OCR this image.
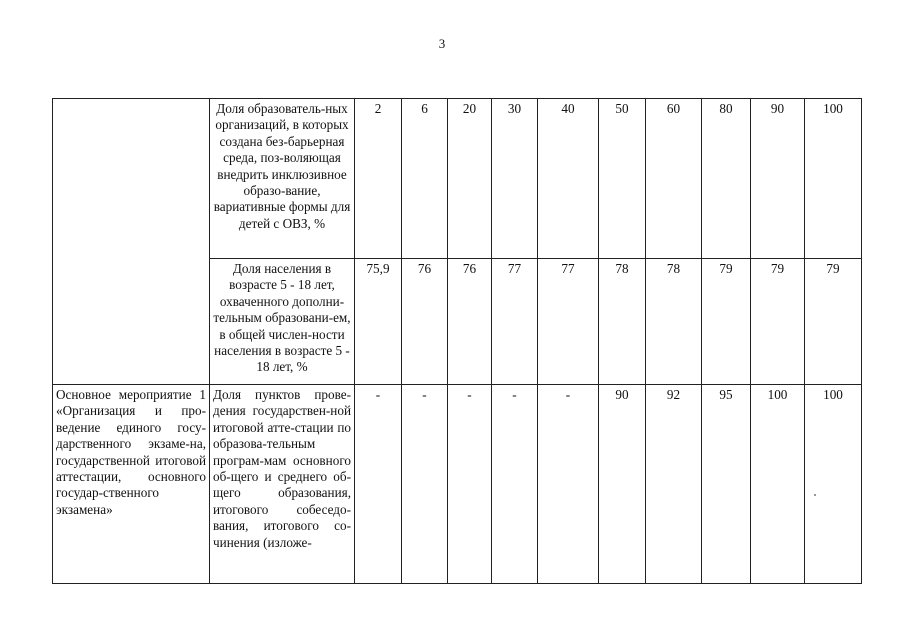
3
	Доля образователь-ных организаций, в которых создана без-барьерная среда, поз-воляющая внедрить инклюзивное образо-вание, вариативные формы для детей с ОВЗ, %	2	6	20	30	40	50	60	80	90	100
	Доля населения в возрасте 5 - 18 лет, охваченного дополни-тельным образовани-ем, в общей числен-ности населения в возрасте 5 - 18 лет, %	75,9	76	76	77	77	78	78	79	79	79
Основное мероприятие 1 «Организация и про-ведение единого госу-дарственного экзаме-на, государственной итоговой аттестации, основного государ-ственного экзамена»	Доля пунктов прове-дения государствен-ной итоговой атте-стации по образова-тельным програм-мам основного об-щего и среднего об-щего образования, итогового собеседо-вания, итогового со-чинения (изложе-	-	-	-	-	-	90	92	95	100	100
